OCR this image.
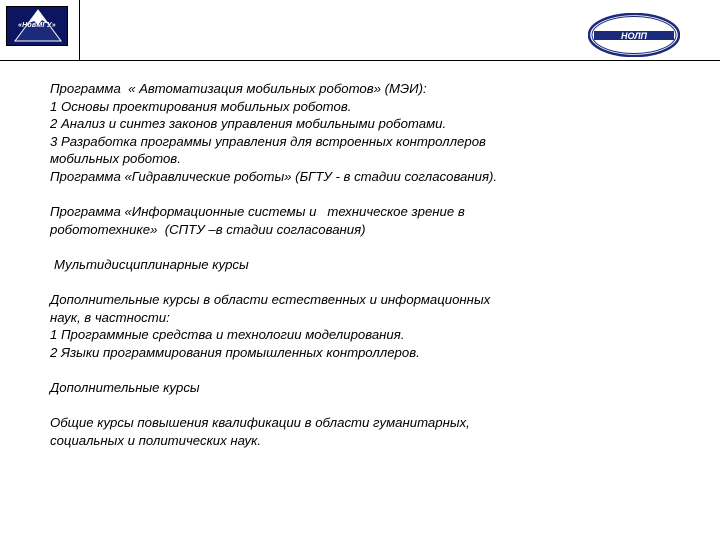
«НовМГУ»
НОЛП
Программа  « Автоматизация мобильных роботов» (МЭИ):
1 Основы проектирования мобильных роботов.
2 Анализ и синтез законов управления мобильными роботами.
3 Разработка программы управления для встроенных контроллеров
мобильных роботов.
Программа «Гидравлические роботы» (БГТУ - в стадии согласования).
Программа «Информационные системы и   техническое зрение в
робототехнике»  (СПТУ –в стадии согласования)
Мультидисциплинарные курсы
Дополнительные курсы в области естественных и информационных
наук, в частности:
1 Программные средства и технологии моделирования.
2 Языки программирования промышленных контроллеров.
Дополнительные курсы
Общие курсы повышения квалификации в области гуманитарных,
социальных и политических наук.
